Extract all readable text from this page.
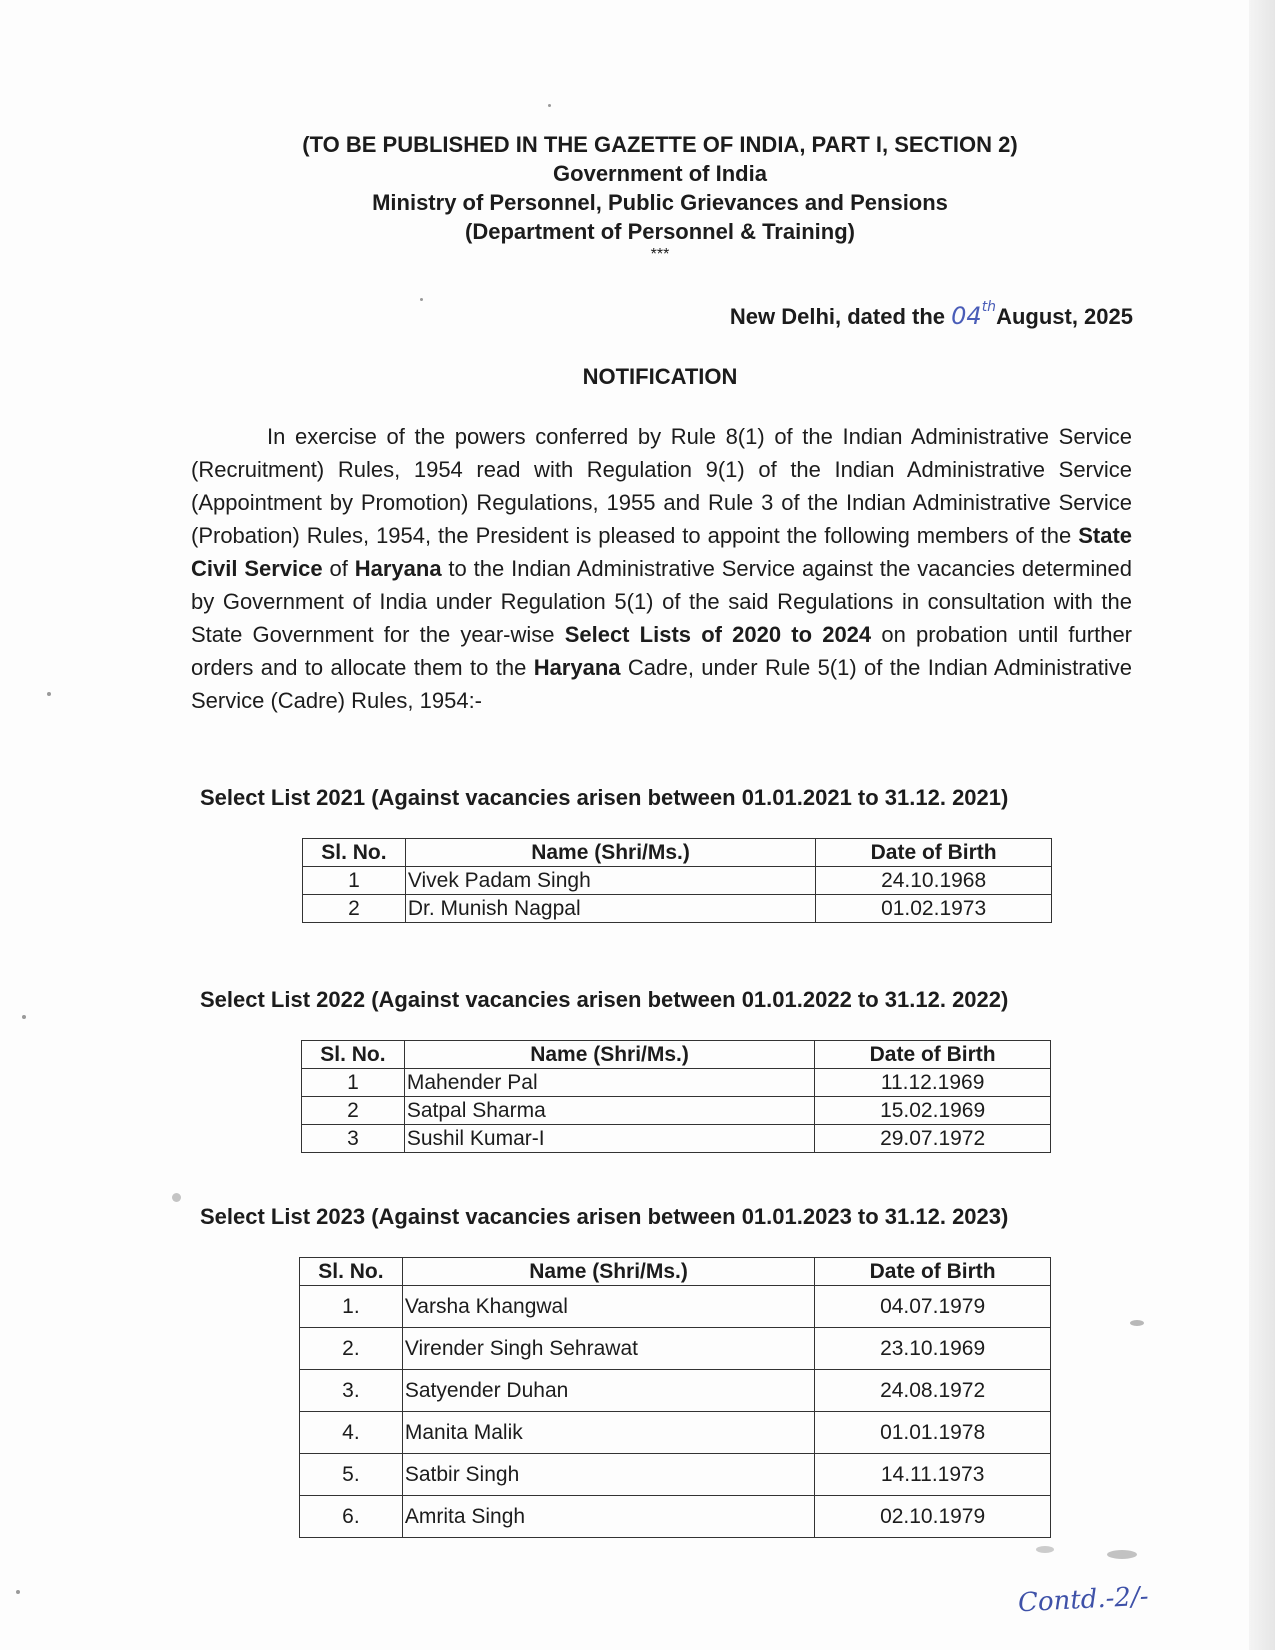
(TO BE PUBLISHED IN THE GAZETTE OF INDIA, PART I, SECTION 2)
Government of India
Ministry of Personnel, Public Grievances and Pensions
(Department of Personnel & Training)
***
New Delhi, dated the 04thAugust, 2025
NOTIFICATION
In exercise of the powers conferred by Rule 8(1) of the Indian Administrative Service (Recruitment) Rules, 1954 read with Regulation 9(1) of the Indian Administrative Service (Appointment by Promotion) Regulations, 1955 and Rule 3 of the Indian Administrative Service (Probation) Rules, 1954, the President is pleased to appoint the following members of the State Civil Service of Haryana to the Indian Administrative Service against the vacancies determined by Government of India under Regulation 5(1) of the said Regulations in consultation with the State Government for the year-wise Select Lists of 2020 to 2024 on probation until further orders and to allocate them to the Haryana Cadre, under Rule 5(1) of the Indian Administrative Service (Cadre) Rules, 1954:-
Select List 2021 (Against vacancies arisen between 01.01.2021 to 31.12. 2021)
Sl. No.	Name (Shri/Ms.)	Date of Birth
1	Vivek Padam Singh	24.10.1968
2	Dr. Munish Nagpal	01.02.1973
Select List 2022 (Against vacancies arisen between 01.01.2022 to 31.12. 2022)
Sl. No.	Name (Shri/Ms.)	Date of Birth
1	Mahender Pal	11.12.1969
2	Satpal Sharma	15.02.1969
3	Sushil Kumar-I	29.07.1972
Select List 2023 (Against vacancies arisen between 01.01.2023 to 31.12. 2023)
Sl. No.	Name (Shri/Ms.)	Date of Birth
1.	Varsha Khangwal	04.07.1979
2.	Virender Singh Sehrawat	23.10.1969
3.	Satyender Duhan	24.08.1972
4.	Manita Malik	01.01.1978
5.	Satbir Singh	14.11.1973
6.	Amrita Singh	02.10.1979
Contd.-2/-
